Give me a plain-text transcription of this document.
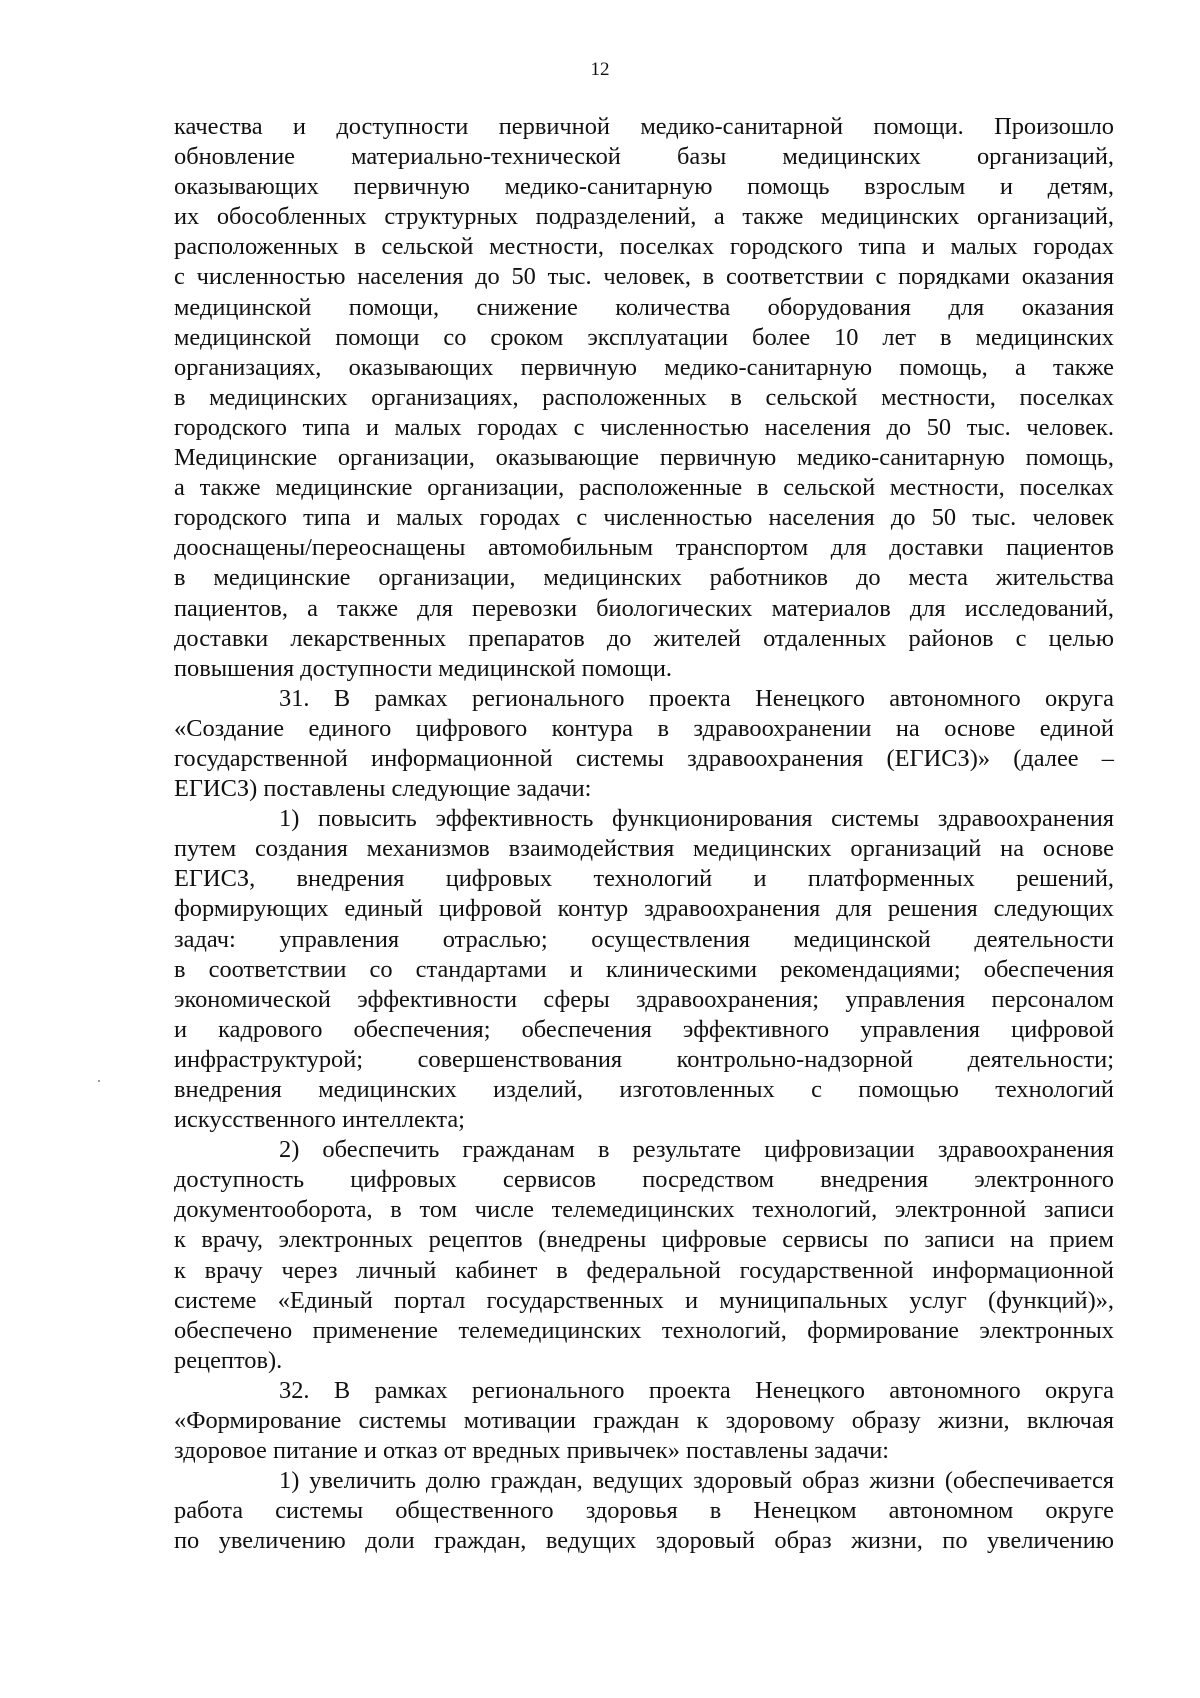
12
качества и доступности первичной медико-санитарной помощи. Произошло
обновление материально-технической базы медицинских организаций,
оказывающих первичную медико-санитарную помощь взрослым и детям,
их обособленных структурных подразделений, а также медицинских организаций,
расположенных в сельской местности, поселках городского типа и малых городах
с численностью населения до 50 тыс. человек, в соответствии с порядками оказания
медицинской помощи, снижение количества оборудования для оказания
медицинской помощи со сроком эксплуатации более 10 лет в медицинских
организациях, оказывающих первичную медико-санитарную помощь, а также
в медицинских организациях, расположенных в сельской местности, поселках
городского типа и малых городах с численностью населения до 50 тыс. человек.
Медицинские организации, оказывающие первичную медико-санитарную помощь,
а также медицинские организации, расположенные в сельской местности, поселках
городского типа и малых городах с численностью населения до 50 тыс. человек
дооснащены/переоснащены автомобильным транспортом для доставки пациентов
в медицинские организации, медицинских работников до места жительства
пациентов, а также для перевозки биологических материалов для исследований,
доставки лекарственных препаратов до жителей отдаленных районов с целью
повышения доступности медицинской помощи.
31. В рамках регионального проекта Ненецкого автономного округа
«Создание единого цифрового контура в здравоохранении на основе единой
государственной информационной системы здравоохранения (ЕГИСЗ)» (далее –
ЕГИСЗ) поставлены следующие задачи:
1) повысить эффективность функционирования системы здравоохранения
путем создания механизмов взаимодействия медицинских организаций на основе
ЕГИСЗ, внедрения цифровых технологий и платформенных решений,
формирующих единый цифровой контур здравоохранения для решения следующих
задач: управления отраслью; осуществления медицинской деятельности
в соответствии со стандартами и клиническими рекомендациями; обеспечения
экономической эффективности сферы здравоохранения; управления персоналом
и кадрового обеспечения; обеспечения эффективного управления цифровой
инфраструктурой; совершенствования контрольно-надзорной деятельности;
внедрения медицинских изделий, изготовленных с помощью технологий
искусственного интеллекта;
2) обеспечить гражданам в результате цифровизации здравоохранения
доступность цифровых сервисов посредством внедрения электронного
документооборота, в том числе телемедицинских технологий, электронной записи
к врачу, электронных рецептов (внедрены цифровые сервисы по записи на прием
к врачу через личный кабинет в федеральной государственной информационной
системе «Единый портал государственных и муниципальных услуг (функций)»,
обеспечено применение телемедицинских технологий, формирование электронных
рецептов).
32. В рамках регионального проекта Ненецкого автономного округа
«Формирование системы мотивации граждан к здоровому образу жизни, включая
здоровое питание и отказ от вредных привычек» поставлены задачи:
1) увеличить долю граждан, ведущих здоровый образ жизни (обеспечивается
работа системы общественного здоровья в Ненецком автономном округе
по увеличению доли граждан, ведущих здоровый образ жизни, по увеличению
